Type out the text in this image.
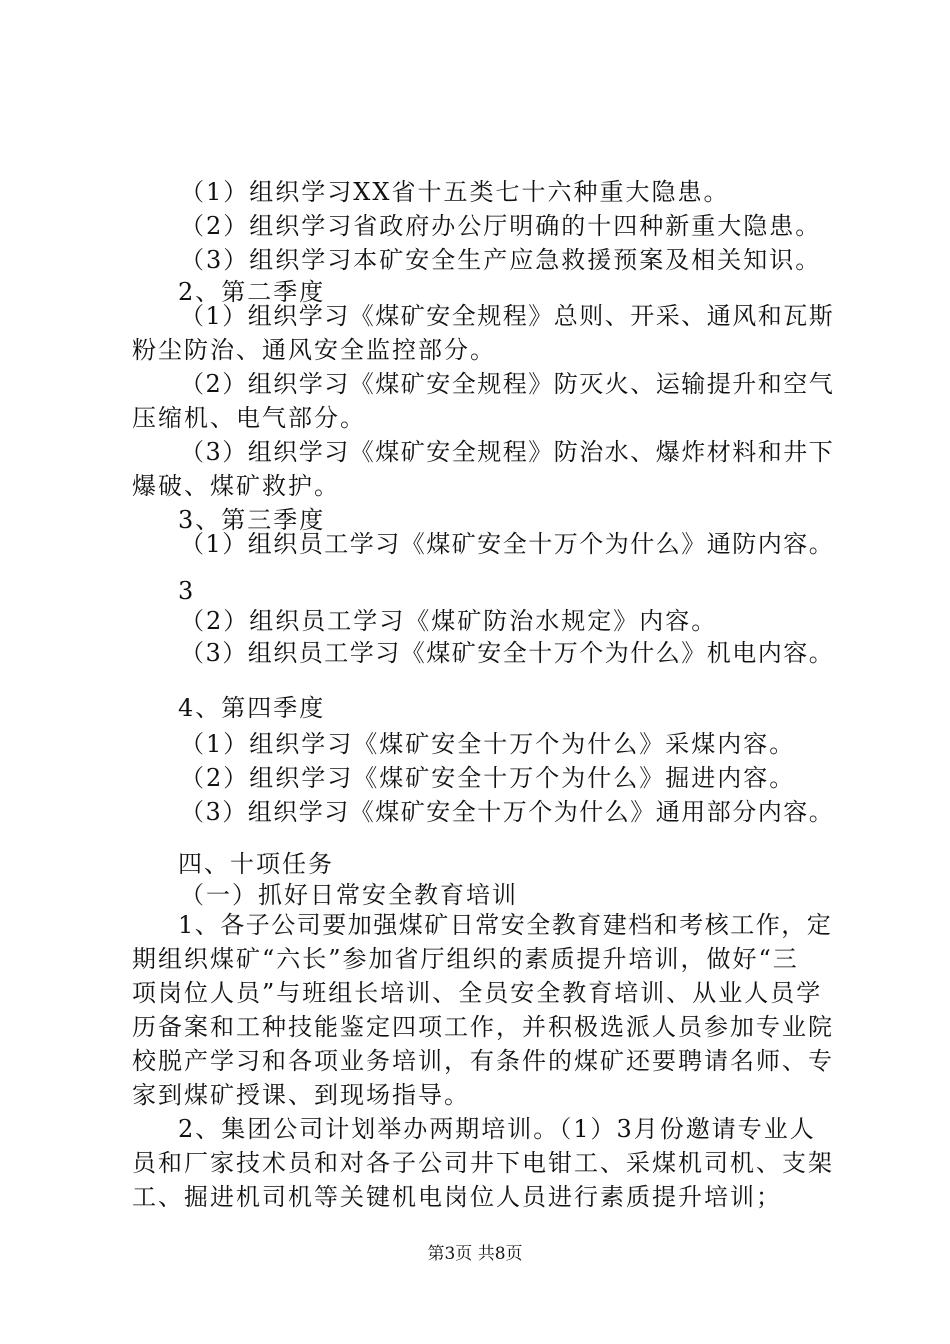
（1）组织学习XX省十五类七十六种重大隐患。
（2）组织学习省政府办公厅明确的十四种新重大隐患。
（3）组织学习本矿安全生产应急救援预案及相关知识。
2、第二季度
（1）组织学习《煤矿安全规程》总则、开采、通风和瓦斯
粉尘防治、通风安全监控部分。
（2）组织学习《煤矿安全规程》防灭火、运输提升和空气
压缩机、电气部分。
（3）组织学习《煤矿安全规程》防治水、爆炸材料和井下
爆破、煤矿救护。
3、第三季度
（1）组织员工学习《煤矿安全十万个为什么》通防内容。
3
（2）组织员工学习《煤矿防治水规定》内容。
（3）组织员工学习《煤矿安全十万个为什么》机电内容。
4、第四季度
（1）组织学习《煤矿安全十万个为什么》采煤内容。
（2）组织学习《煤矿安全十万个为什么》掘进内容。
（3）组织学习《煤矿安全十万个为什么》通用部分内容。
四、十项任务
（一）抓好日常安全教育培训
1、各子公司要加强煤矿日常安全教育建档和考核工作，定
期组织煤矿“六长”参加省厅组织的素质提升培训，做好“三
项岗位人员”与班组长培训、全员安全教育培训、从业人员学
历备案和工种技能鉴定四项工作，并积极选派人员参加专业院
校脱产学习和各项业务培训，有条件的煤矿还要聘请名师、专
家到煤矿授课、到现场指导。
2、集团公司计划举办两期培训。（1）3月份邀请专业人
员和厂家技术员和对各子公司井下电钳工、采煤机司机、支架
工、掘进机司机等关键机电岗位人员进行素质提升培训；
第3页 共8页
